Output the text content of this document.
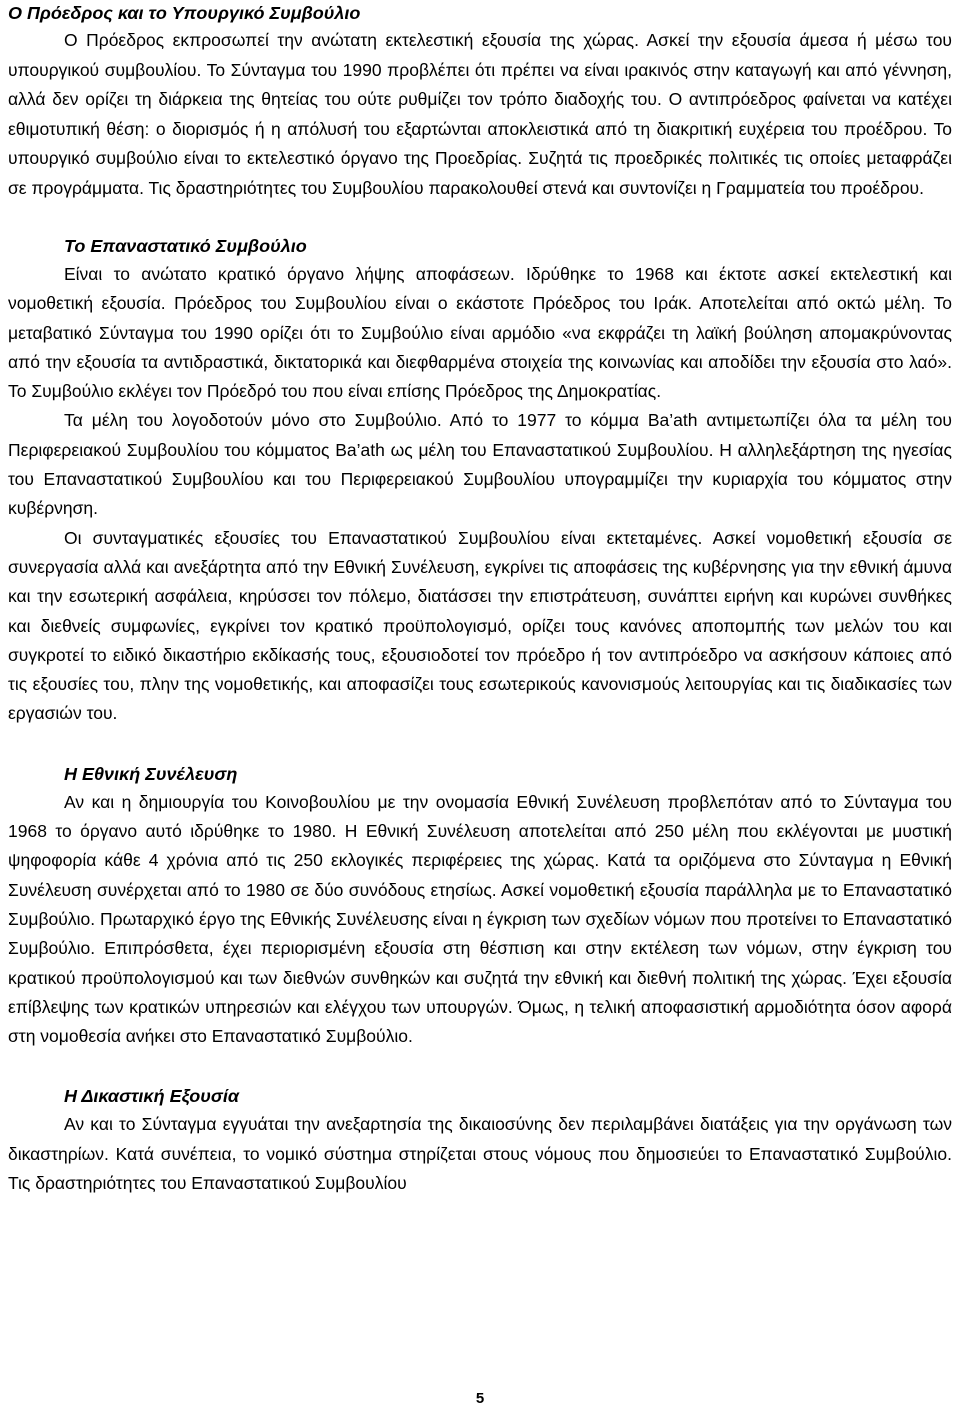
Ο Πρόεδρος και το Υπουργικό Συμβούλιο

Ο Πρόεδρος εκπροσωπεί την ανώτατη εκτελεστική εξουσία της χώρας. Ασκεί την εξουσία άμεσα ή μέσω του υπουργικού συμβουλίου. Το Σύνταγμα του 1990 προβλέπει ότι πρέπει να είναι ιρακινός στην καταγωγή και από γέννηση, αλλά δεν ορίζει τη διάρκεια της θητείας του ούτε ρυθμίζει τον τρόπο διαδοχής του. Ο αντιπρόεδρος φαίνεται να κατέχει εθιμοτυπική θέση: ο διορισμός ή η απόλυσή του εξαρτώνται αποκλειστικά από τη διακριτική ευχέρεια του προέδρου. Το υπουργικό συμβούλιο είναι το εκτελεστικό όργανο της Προεδρίας. Συζητά τις προεδρικές πολιτικές τις οποίες μεταφράζει σε προγράμματα. Τις δραστηριότητες του Συμβουλίου παρακολουθεί στενά και συντονίζει η Γραμματεία του προέδρου.

Το Επαναστατικό Συμβούλιο

Είναι το ανώτατο κρατικό όργανο λήψης αποφάσεων. Ιδρύθηκε το 1968 και έκτοτε ασκεί εκτελεστική και νομοθετική εξουσία. Πρόεδρος του Συμβουλίου είναι ο εκάστοτε Πρόεδρος του Ιράκ. Αποτελείται από οκτώ μέλη. Το μεταβατικό Σύνταγμα του 1990 ορίζει ότι το Συμβούλιο είναι αρμόδιο «να εκφράζει τη λαϊκή βούληση απομακρύνοντας από την εξουσία τα αντιδραστικά, δικτατορικά και διεφθαρμένα στοιχεία της κοινωνίας και αποδίδει την εξουσία στο λαό». Το Συμβούλιο εκλέγει τον Πρόεδρό του που είναι επίσης Πρόεδρος της Δημοκρατίας.

Τα μέλη του λογοδοτούν μόνο στο Συμβούλιο. Από το 1977 το κόμμα Ba’ath αντιμετωπίζει όλα τα μέλη του Περιφερειακού Συμβουλίου του κόμματος Ba’ath ως μέλη του Επαναστατικού Συμβουλίου. Η αλληλεξάρτηση της ηγεσίας του Επαναστατικού Συμβουλίου και του Περιφερειακού Συμβουλίου υπογραμμίζει την κυριαρχία του κόμματος στην κυβέρνηση.

Οι συνταγματικές εξουσίες του Επαναστατικού Συμβουλίου είναι εκτεταμένες. Ασκεί νομοθετική εξουσία σε συνεργασία αλλά και ανεξάρτητα από την Εθνική Συνέλευση, εγκρίνει τις αποφάσεις της κυβέρνησης για την εθνική άμυνα και την εσωτερική ασφάλεια, κηρύσσει τον πόλεμο, διατάσσει την επιστράτευση, συνάπτει ειρήνη και κυρώνει συνθήκες και διεθνείς συμφωνίες, εγκρίνει τον κρατικό προϋπολογισμό, ορίζει τους κανόνες αποπομπής των μελών του και συγκροτεί το ειδικό δικαστήριο εκδίκασής τους, εξουσιοδοτεί τον πρόεδρο ή τον αντιπρόεδρο να ασκήσουν κάποιες από τις εξουσίες του, πλην της νομοθετικής, και αποφασίζει τους εσωτερικούς κανονισμούς λειτουργίας και τις διαδικασίες των εργασιών του.

Η Εθνική Συνέλευση

Αν και η δημιουργία του Κοινοβουλίου με την ονομασία Εθνική Συνέλευση προβλεπόταν από το Σύνταγμα του 1968 το όργανο αυτό ιδρύθηκε το 1980. Η Εθνική Συνέλευση αποτελείται από 250 μέλη που εκλέγονται με μυστική ψηφοφορία κάθε 4 χρόνια από τις 250 εκλογικές περιφέρειες της χώρας. Κατά τα οριζόμενα στο Σύνταγμα η Εθνική Συνέλευση συνέρχεται από το 1980 σε δύο συνόδους ετησίως. Ασκεί νομοθετική εξουσία παράλληλα με το Επαναστατικό Συμβούλιο. Πρωταρχικό έργο της Εθνικής Συνέλευσης είναι η έγκριση των σχεδίων νόμων που προτείνει το Επαναστατικό Συμβούλιο. Επιπρόσθετα, έχει περιορισμένη εξουσία στη θέσπιση και στην εκτέλεση των νόμων, στην έγκριση του κρατικού προϋπολογισμού και των διεθνών συνθηκών και συζητά την εθνική και διεθνή πολιτική της χώρας. Έχει εξουσία επίβλεψης των κρατικών υπηρεσιών και ελέγχου των υπουργών. Όμως, η τελική αποφασιστική αρμοδιότητα όσον αφορά στη νομοθεσία ανήκει στο Επαναστατικό Συμβούλιο.

Η Δικαστική Εξουσία

Αν και το Σύνταγμα εγγυάται την ανεξαρτησία της δικαιοσύνης δεν περιλαμβάνει διατάξεις για την οργάνωση των δικαστηρίων. Κατά συνέπεια, το νομικό σύστημα στηρίζεται στους νόμους που δημοσιεύει το Επαναστατικό Συμβούλιο. Τις δραστηριότητες του Επαναστατικού Συμβουλίου

5
